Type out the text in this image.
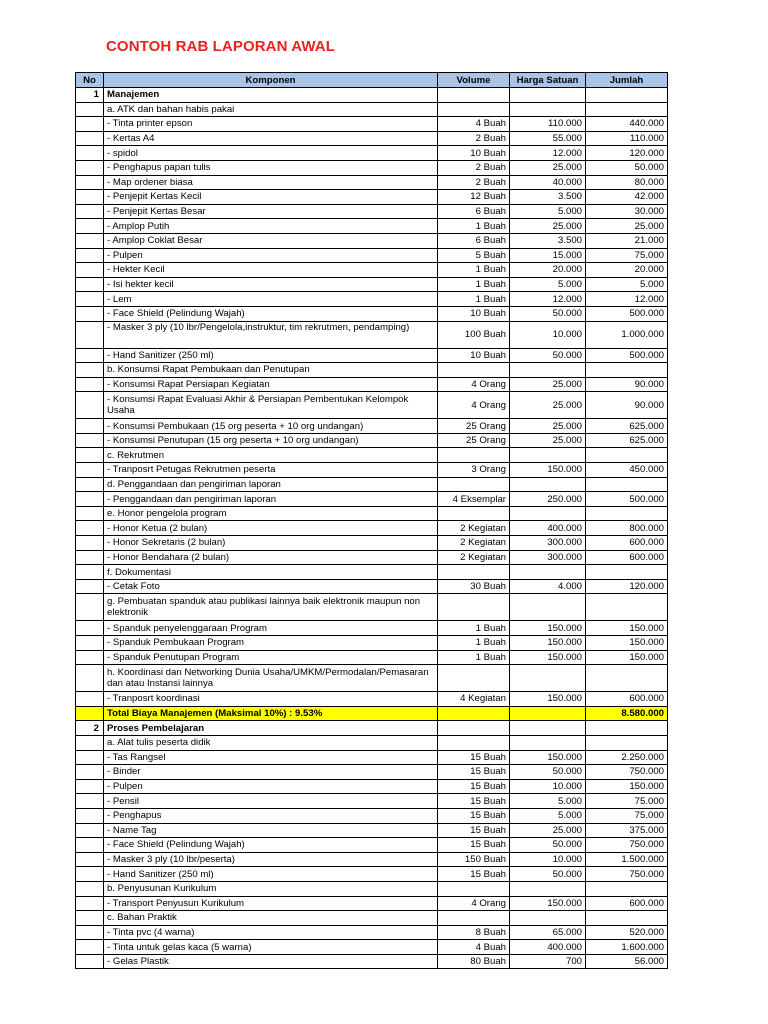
CONTOH RAB LAPORAN AWAL
No	Komponen	Volume	Harga Satuan	Jumlah
1	Manajemen			
	a. ATK dan bahan habis pakai			
	- Tinta printer epson	4 Buah	110.000	440.000
	- Kertas A4	2 Buah	55.000	110.000
	- spidol	10 Buah	12.000	120.000
	- Penghapus papan tulis	2 Buah	25.000	50.000
	- Map ordener biasa	2 Buah	40.000	80.000
	- Penjepit Kertas Kecil	12 Buah	3.500	42.000
	- Penjepit Kertas Besar	6 Buah	5.000	30.000
	- Amplop Putih	1 Buah	25.000	25.000
	- Amplop Coklat Besar	6 Buah	3.500	21.000
	- Pulpen	5 Buah	15.000	75.000
	- Hekter Kecil	1 Buah	20.000	20.000
	- Isi hekter kecil	1 Buah	5.000	5.000
	- Lem	1 Buah	12.000	12.000
	- Face Shield (Pelindung Wajah)	10 Buah	50.000	500.000
	- Masker 3 ply (10 lbr/Pengelola,instruktur, tim rekrutmen, pendamping)	100 Buah	10.000	1.000.000
	- Hand Sanitizer (250 ml)	10 Buah	50.000	500.000
	b. Konsumsi Rapat Pembukaan dan Penutupan			
	- Konsumsi Rapat Persiapan Kegiatan	4 Orang	25.000	90.000
	- Konsumsi Rapat Evaluasi Akhir & Persiapan Pembentukan Kelompok Usaha	4 Orang	25.000	90.000
	- Konsumsi Pembukaan (15 org peserta + 10 org undangan)	25 Orang	25.000	625.000
	- Konsumsi Penutupan (15 org peserta + 10 org undangan)	25 Orang	25.000	625.000
	c. Rekrutmen			
	- Tranposrt Petugas Rekrutmen peserta	3 Orang	150.000	450.000
	d. Penggandaan dan pengiriman laporan			
	- Penggandaan dan pengiriman laporan	4 Eksemplar	250.000	500.000
	e. Honor pengelola program			
	- Honor Ketua (2 bulan)	2 Kegiatan	400.000	800.000
	- Honor Sekretaris (2 bulan)	2 Kegiatan	300.000	600.000
	- Honor Bendahara (2 bulan)	2 Kegiatan	300.000	600.000
	f. Dokumentasi			
	- Cetak Foto	30 Buah	4.000	120.000
	g. Pembuatan spanduk atau publikasi lainnya baik elektronik maupun non elektronik			
	- Spanduk penyelenggaraan Program	1 Buah	150.000	150.000
	- Spanduk Pembukaan Program	1 Buah	150.000	150.000
	- Spanduk Penutupan Program	1 Buah	150.000	150.000
	h. Koordinasi dan Networking Dunia Usaha/UMKM/Permodalan/Pemasaran dan atau Instansi lainnya			
	- Tranposrt koordinasi	4 Kegiatan	150.000	600.000
	Total Biaya Manajemen (Maksimal 10%) : 9.53%			8.580.000
2	Proses Pembelajaran			
	a. Alat tulis peserta didik			
	- Tas Rangsel	15 Buah	150.000	2.250.000
	- Binder	15 Buah	50.000	750.000
	- Pulpen	15 Buah	10.000	150.000
	- Pensil	15 Buah	5.000	75.000
	- Penghapus	15 Buah	5.000	75.000
	- Name Tag	15 Buah	25.000	375.000
	- Face Shield (Pelindung Wajah)	15 Buah	50.000	750.000
	- Masker 3 ply (10 lbr/peserta)	150 Buah	10.000	1.500.000
	- Hand Sanitizer (250 ml)	15 Buah	50.000	750.000
	b. Penyusunan Kurikulum			
	- Transport Penyusun Kurikulum	4 Orang	150.000	600.000
	c. Bahan Praktik			
	- Tinta pvc (4 warna)	8 Buah	65.000	520.000
	- Tinta untuk gelas kaca (5 warna)	4 Buah	400.000	1.600.000
	- Gelas Plastik	80 Buah	700	56.000
